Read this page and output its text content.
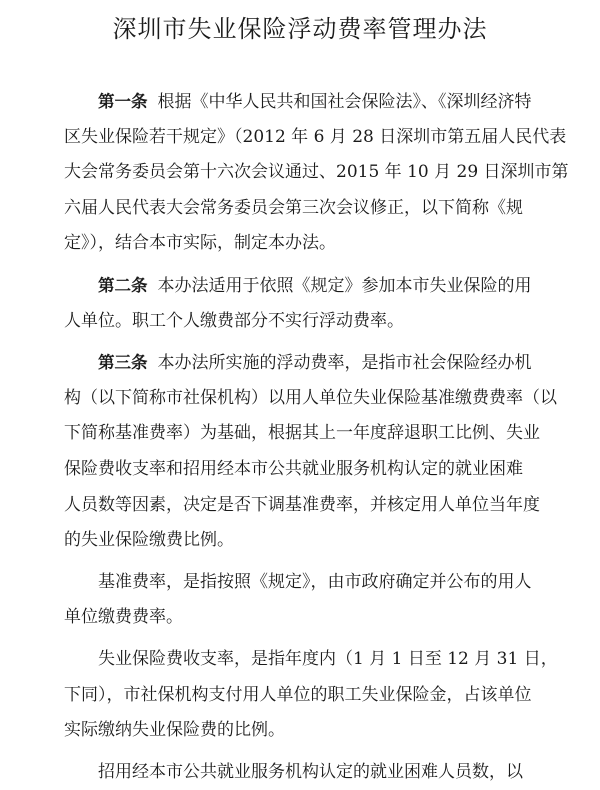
深圳市失业保险浮动费率管理办法
第一条 根据《中华人民共和国社会保险法》、《深圳经济特
区失业保险若干规定》（2012 年 6 月 28 日深圳市第五届人民代表
大会常务委员会第十六次会议通过、2015 年 10 月 29 日深圳市第
六届人民代表大会常务委员会第三次会议修正，以下简称《规
定》），结合本市实际，制定本办法。
第二条 本办法适用于依照《规定》参加本市失业保险的用
人单位。职工个人缴费部分不实行浮动费率。
第三条 本办法所实施的浮动费率，是指市社会保险经办机
构（以下简称市社保机构）以用人单位失业保险基准缴费费率（以
下简称基准费率）为基础，根据其上一年度辞退职工比例、失业
保险费收支率和招用经本市公共就业服务机构认定的就业困难
人员数等因素，决定是否下调基准费率，并核定用人单位当年度
的失业保险缴费比例。
基准费率，是指按照《规定》，由市政府确定并公布的用人
单位缴费费率。
失业保险费收支率，是指年度内（1 月 1 日至 12 月 31 日，
下同），市社保机构支付用人单位的职工失业保险金，占该单位
实际缴纳失业保险费的比例。
招用经本市公共就业服务机构认定的就业困难人员数，以
